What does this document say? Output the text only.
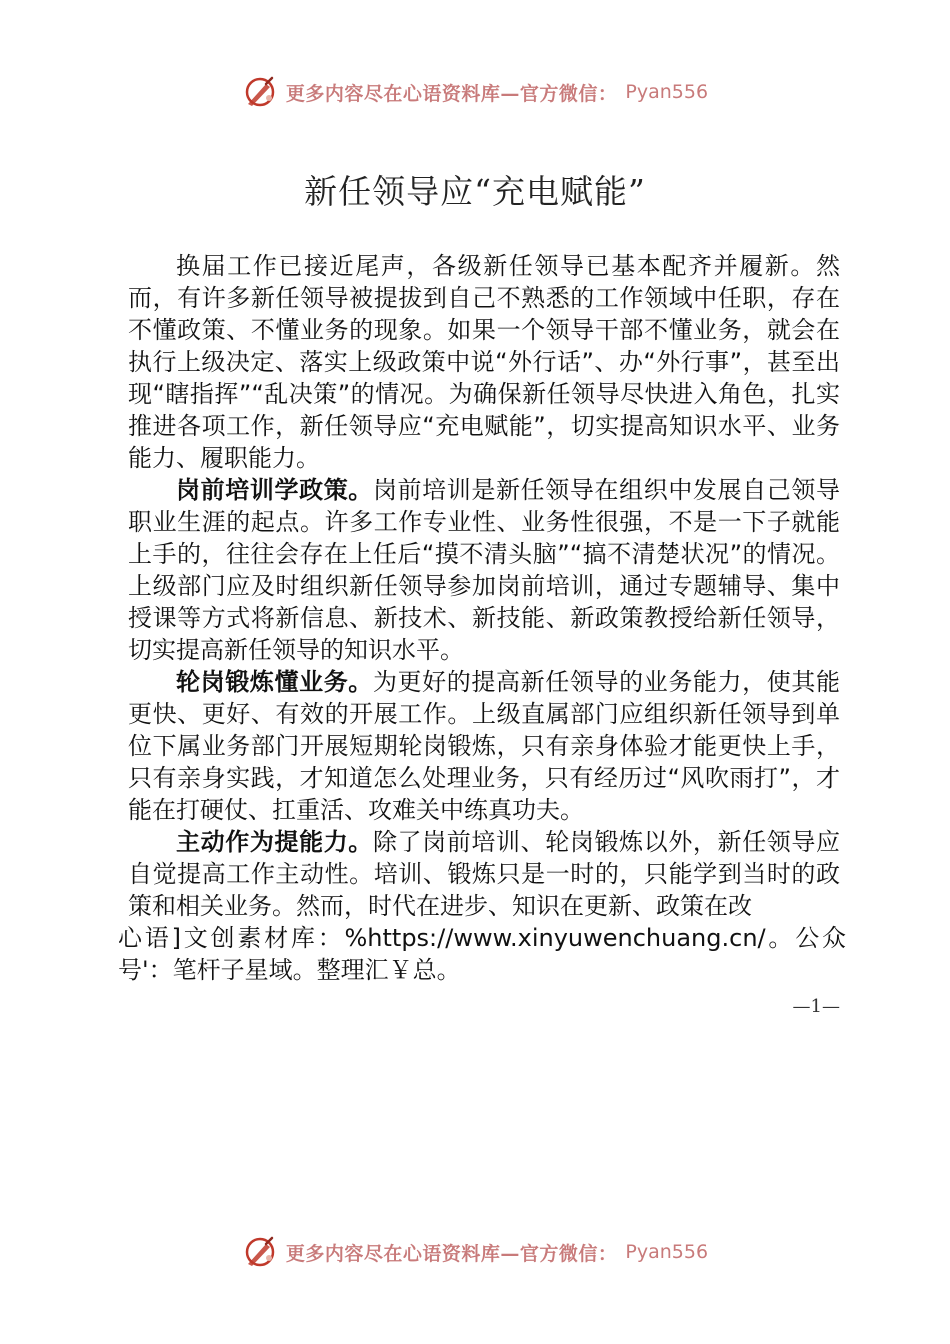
更多内容尽在心语资料库—官方微信： Pyan556
新任领导应“充电赋能”

换届工作已接近尾声，各级新任领导已基本配齐并履新。然而，有许多新任领导被提拔到自己不熟悉的工作领域中任职，存在不懂政策、不懂业务的现象。如果一个领导干部不懂业务，就会在执行上级决定、落实上级政策中说“外行话”、办“外行事”，甚至出现“瞎指挥”“乱决策”的情况。为确保新任领导尽快进入角色，扎实推进各项工作，新任领导应“充电赋能”，切实提高知识水平、业务能力、履职能力。

岗前培训学政策。岗前培训是新任领导在组织中发展自己领导职业生涯的起点。许多工作专业性、业务性很强，不是一下子就能上手的，往往会存在上任后“摸不清头脑”“搞不清楚状况”的情况。上级部门应及时组织新任领导参加岗前培训，通过专题辅导、集中授课等方式将新信息、新技术、新技能、新政策教授给新任领导，切实提高新任领导的知识水平。

轮岗锻炼懂业务。为更好的提高新任领导的业务能力，使其能更快、更好、有效的开展工作。上级直属部门应组织新任领导到单位下属业务部门开展短期轮岗锻炼，只有亲身体验才能更快上手，只有亲身实践，才知道怎么处理业务，只有经历过“风吹雨打”，才能在打硬仗、扛重活、攻难关中练真功夫。

主动作为提能力。除了岗前培训、轮岗锻炼以外，新任领导应自觉提高工作主动性。培训、锻炼只是一时的，只能学到当时的政策和相关业务。然而，时代在进步、知识在更新、政策在改

心语]文创素材库：%https://www.xinyuwenchuang.cn/。公众号'：笔杆子星域。整理汇￥总。

—1—
更多内容尽在心语资料库—官方微信： Pyan556
